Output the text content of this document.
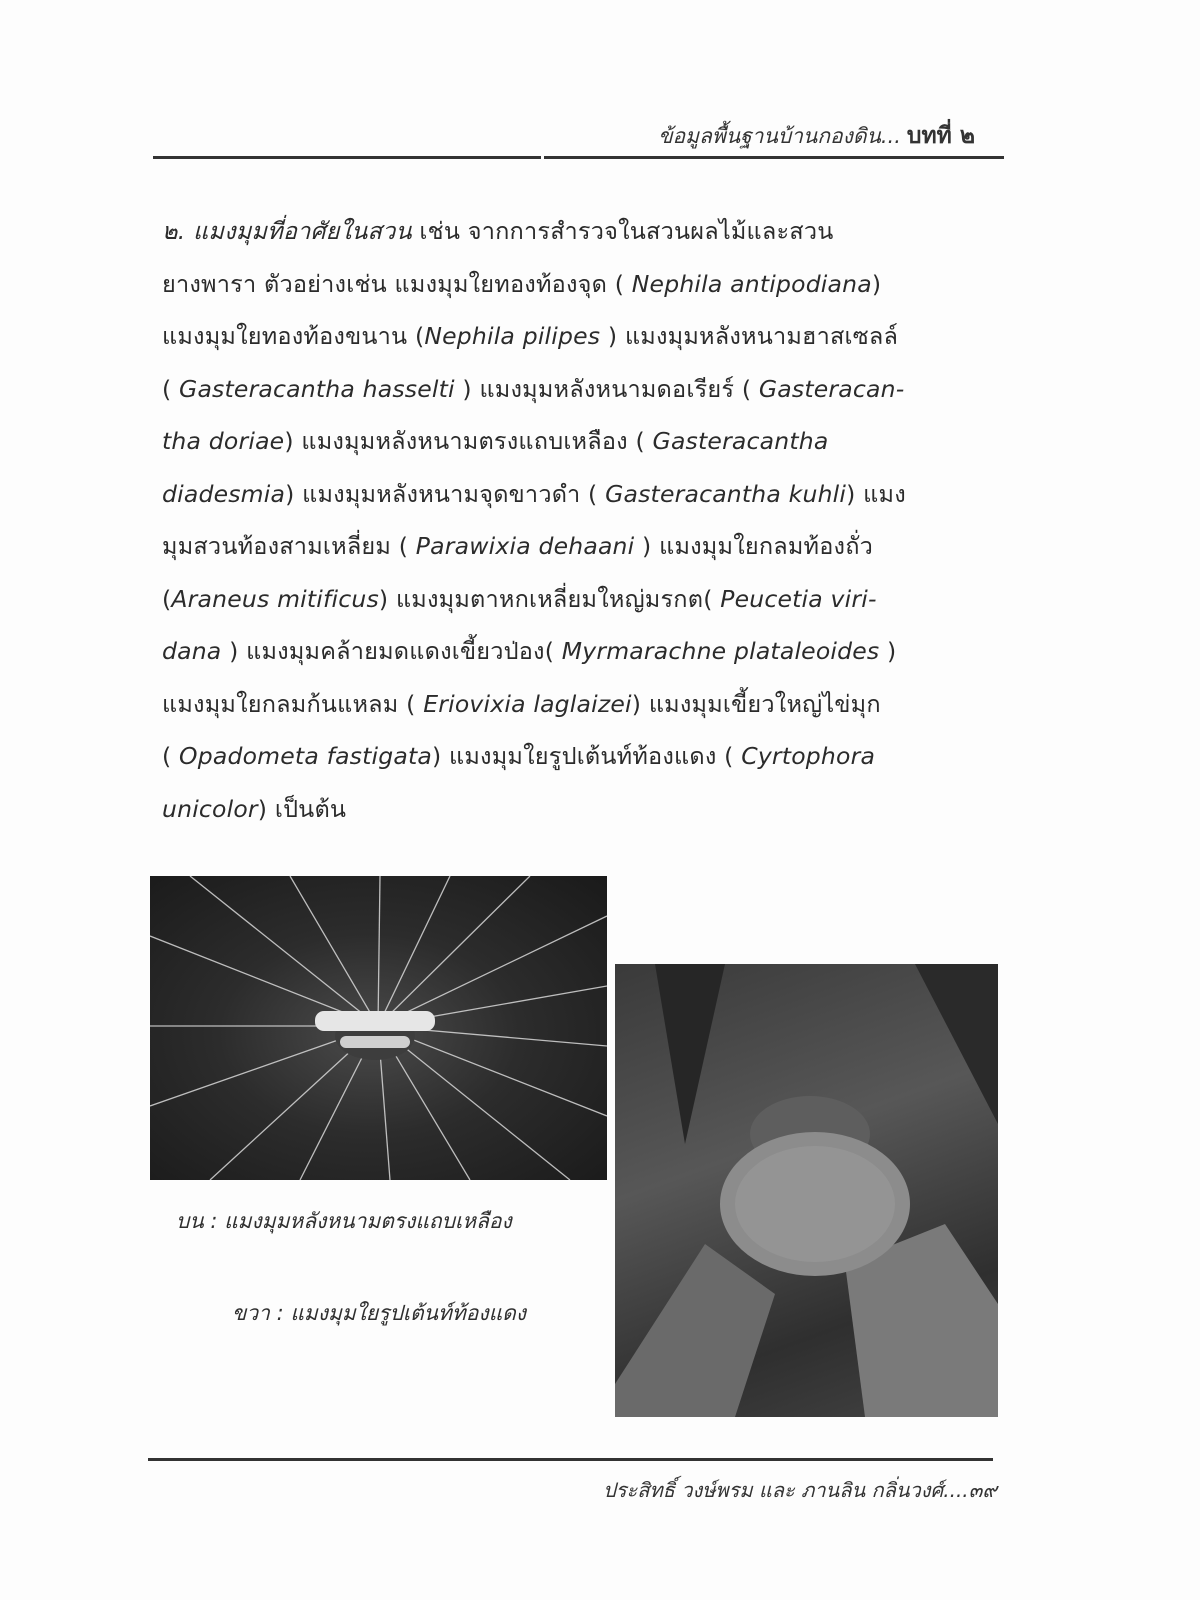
ข้อมูลพื้นฐานบ้านกองดิน... บทที่ ๒
๒. แมงมุมที่อาศัยในสวน เช่น จากการสำรวจในสวนผลไม้และสวน
ยางพารา ตัวอย่างเช่น แมงมุมใยทองท้องจุด ( Nephila antipodiana)
แมงมุมใยทองท้องขนาน (Nephila pilipes ) แมงมุมหลังหนามฮาสเซลล์
( Gasteracantha hasselti ) แมงมุมหลังหนามดอเรียร์ ( Gasteracan-
tha doriae) แมงมุมหลังหนามตรงแถบเหลือง ( Gasteracantha
diadesmia) แมงมุมหลังหนามจุดขาวดำ ( Gasteracantha kuhli) แมง
มุมสวนท้องสามเหลี่ยม ( Parawixia dehaani ) แมงมุมใยกลมท้องถั่ว
(Araneus mitificus) แมงมุมตาหกเหลี่ยมใหญ่มรกต( Peucetia viri-
dana ) แมงมุมคล้ายมดแดงเขี้ยวป่อง( Myrmarachne plataleoides )
แมงมุมใยกลมก้นแหลม ( Eriovixia laglaizei) แมงมุมเขี้ยวใหญ่ไข่มุก
( Opadometa fastigata) แมงมุมใยรูปเต้นท์ท้องแดง ( Cyrtophora
unicolor) เป็นต้น
บน : แมงมุมหลังหนามตรงแถบเหลือง
ขวา : แมงมุมใยรูปเต้นท์ท้องแดง
ประสิทธิ์ วงษ์พรม และ ภานลิน กลิ่นวงศ์....๓๙
